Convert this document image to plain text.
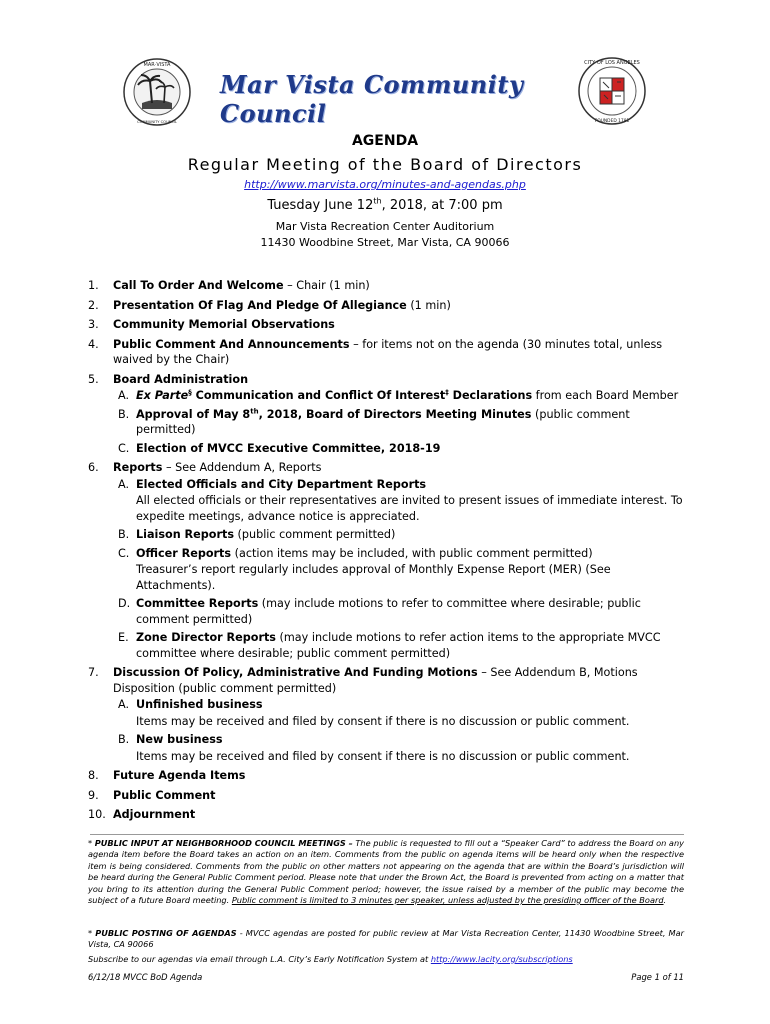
MAR·VISTA
COMMUNITY COUNCIL
Mar Vista Community Council
CITY OF LOS ANGELES
FOUNDED 1781
AGENDA
Regular Meeting of the Board of Directors
http://www.marvista.org/minutes-and-agendas.php
Tuesday June 12th, 2018, at 7:00 pm
Mar Vista Recreation Center Auditorium
11430 Woodbine Street, Mar Vista, CA 90066
1.	Call To Order And Welcome – Chair (1 min)
2.	Presentation Of Flag And Pledge Of Allegiance (1 min)
3.	Community Memorial Observations
4.	Public Comment And Announcements – for items not on the agenda (30 minutes total, unless waived by the Chair)
5.	Board Administration
A. Ex Parte§ Communication and Conflict Of Interest‡ Declarations from each Board Member
B. Approval of May 8th, 2018, Board of Directors Meeting Minutes (public comment permitted)
C. Election of MVCC Executive Committee, 2018-19
6.	Reports – See Addendum A, Reports
A. Elected Officials and City Department Reports
All elected officials or their representatives are invited to present issues of immediate interest. To expedite meetings, advance notice is appreciated.
B. Liaison Reports (public comment permitted)
C. Officer Reports (action items may be included, with public comment permitted)
Treasurer’s report regularly includes approval of Monthly Expense Report (MER) (See Attachments).
D. Committee Reports (may include motions to refer to committee where desirable; public comment permitted)
E. Zone Director Reports (may include motions to refer action items to the appropriate MVCC committee where desirable; public comment permitted)
7.	Discussion Of Policy, Administrative And Funding Motions – See Addendum B, Motions Disposition (public comment permitted)
A. Unfinished business
Items may be received and filed by consent if there is no discussion or public comment.
B. New business
Items may be received and filed by consent if there is no discussion or public comment.
8.	Future Agenda Items
9.	Public Comment
10. Adjournment
* PUBLIC INPUT AT NEIGHBORHOOD COUNCIL MEETINGS – The public is requested to fill out a “Speaker Card” to address the Board on any agenda item before the Board takes an action on an item. Comments from the public on agenda items will be heard only when the respective item is being considered. Comments from the public on other matters not appearing on the agenda that are within the Board’s jurisdiction will be heard during the General Public Comment period. Please note that under the Brown Act, the Board is prevented from acting on a matter that you bring to its attention during the General Public Comment period; however, the issue raised by a member of the public may become the subject of a future Board meeting. Public comment is limited to 3 minutes per speaker, unless adjusted by the presiding officer of the Board.
* PUBLIC POSTING OF AGENDAS - MVCC agendas are posted for public review at Mar Vista Recreation Center, 11430 Woodbine Street, Mar Vista, CA 90066
Subscribe to our agendas via email through L.A. City’s Early Notification System at http://www.lacity.org/subscriptions
6/12/18 MVCC BoD Agenda	Page 1 of 11
